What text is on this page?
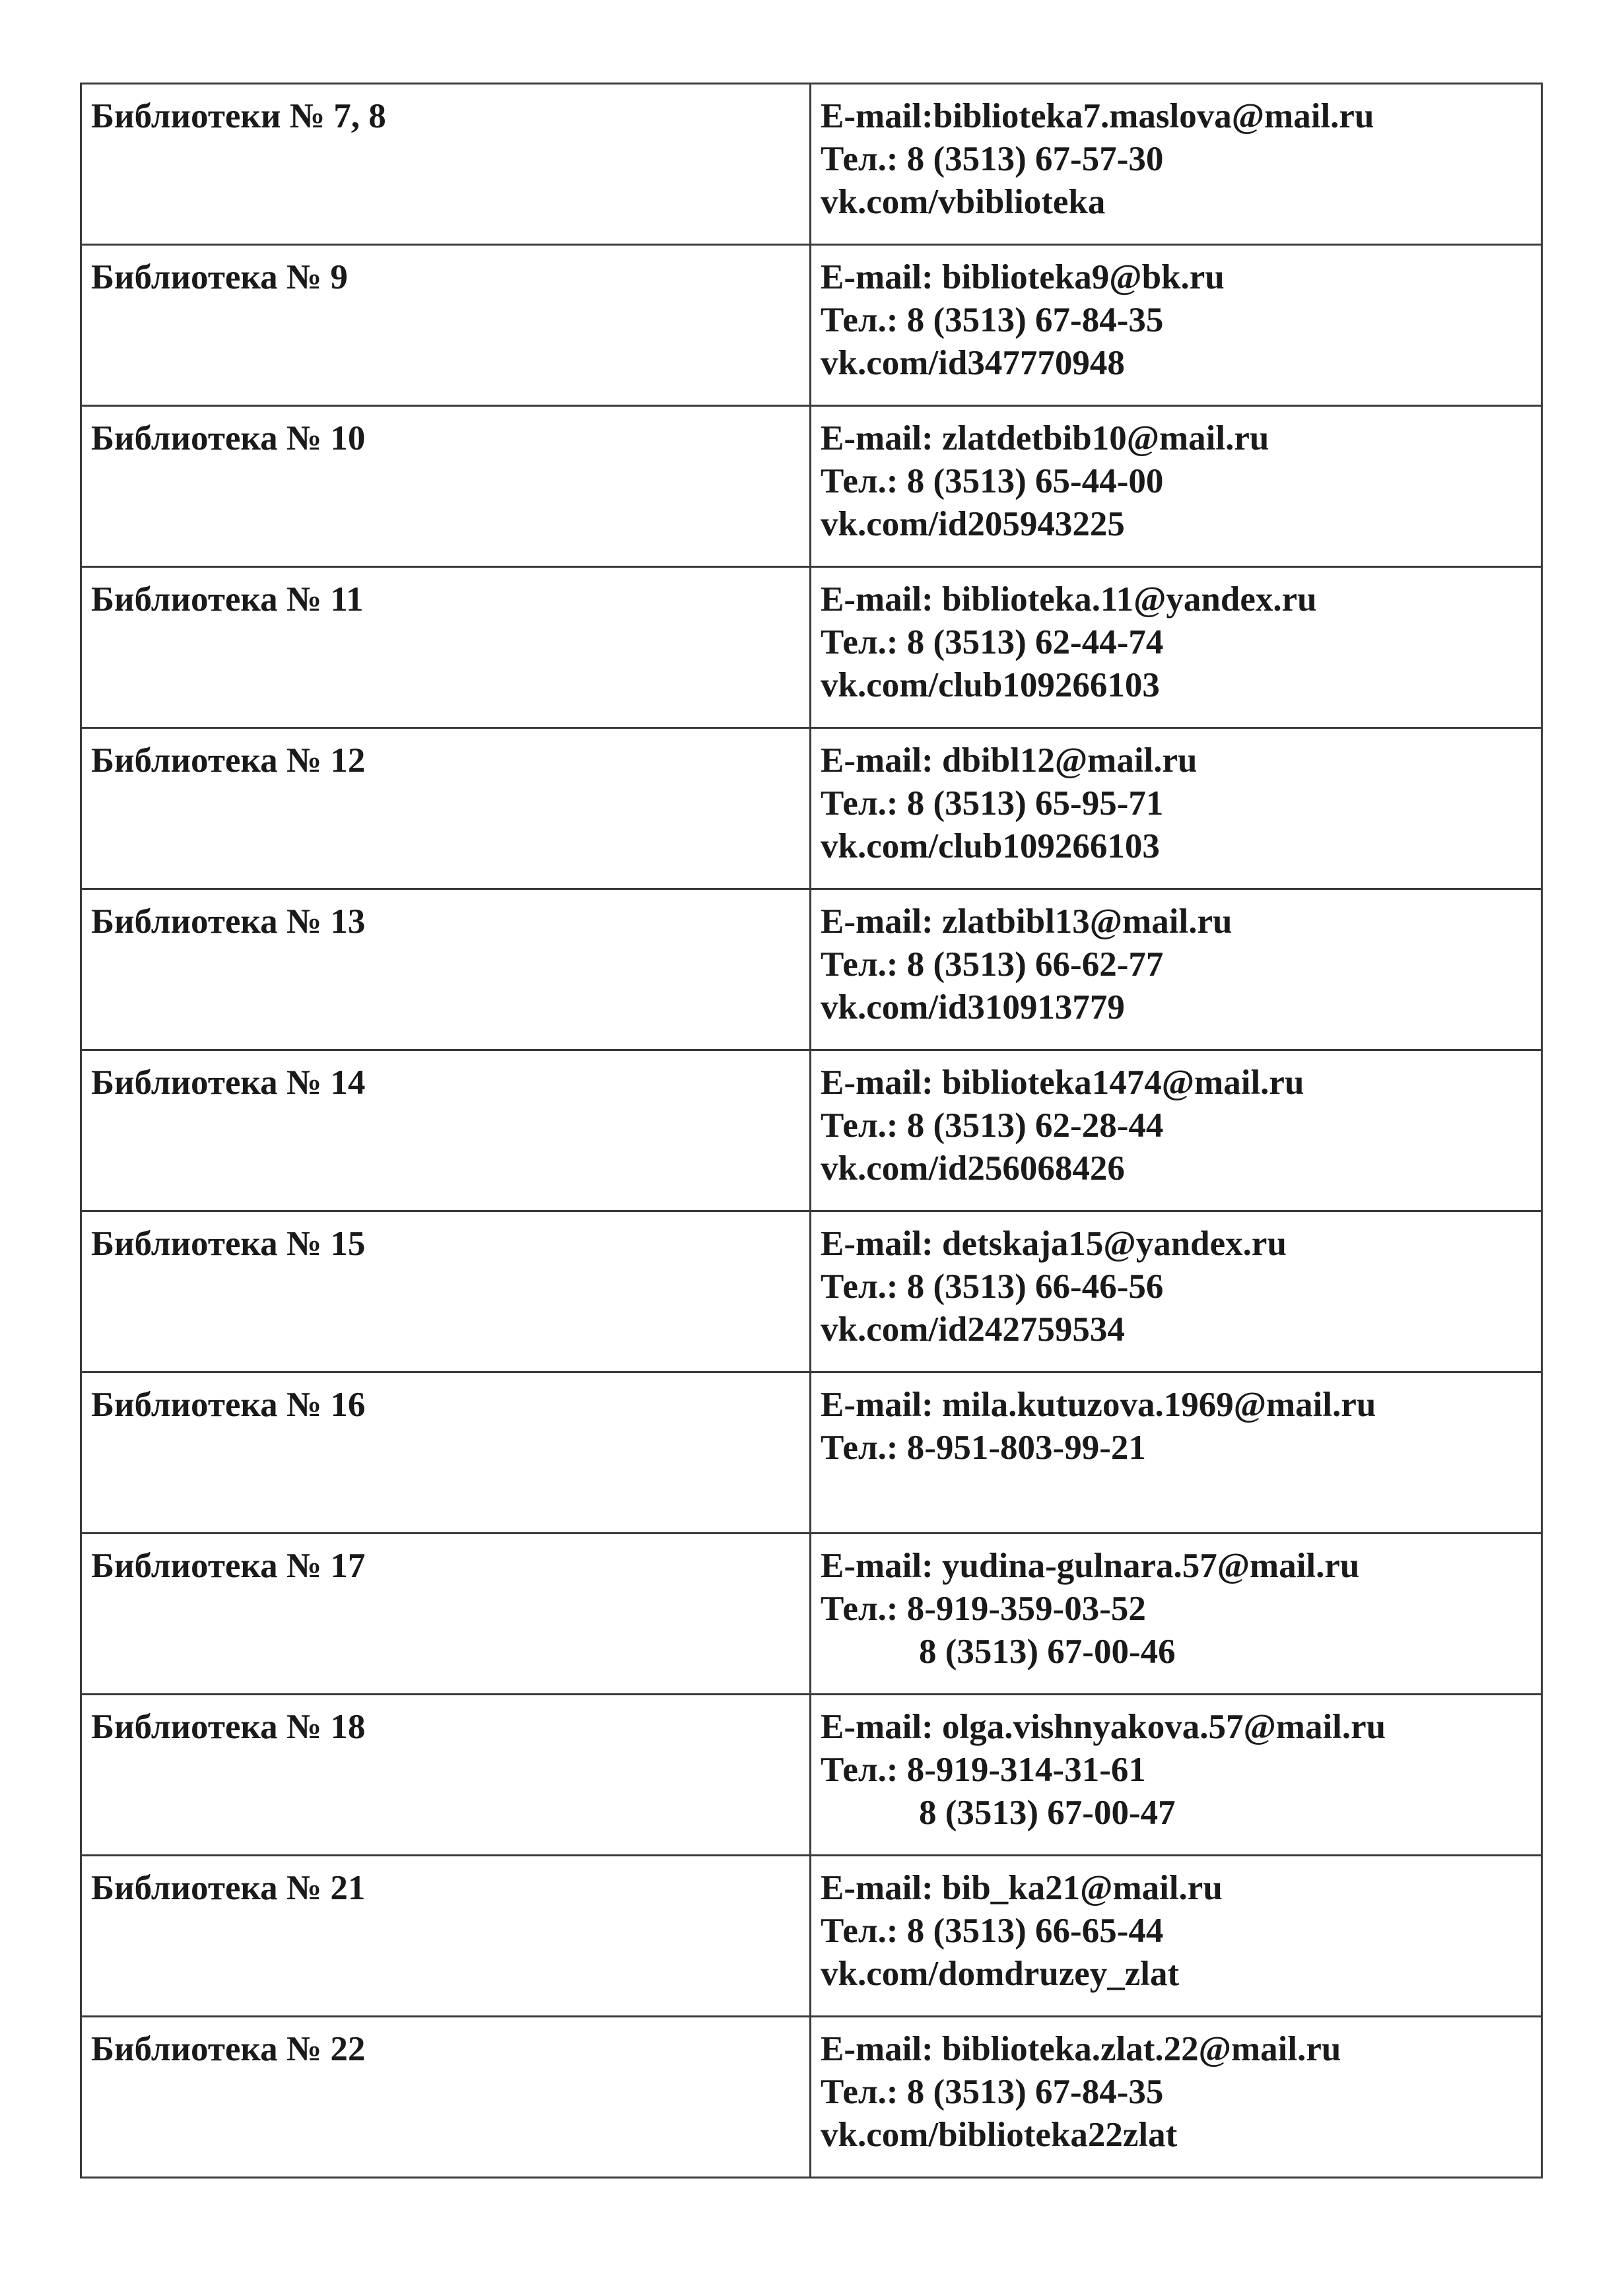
Библиотеки № 7, 8	E-mail:biblioteka7.maslova@mail.ru
Тел.: 8 (3513) 67-57-30
vk.com/vbiblioteka

Библиотека № 9	E-mail: biblioteka9@bk.ru
Тел.: 8 (3513) 67-84-35
vk.com/id347770948

Библиотека № 10	E-mail: zlatdetbib10@mail.ru
Тел.: 8 (3513) 65-44-00
vk.com/id205943225

Библиотека № 11	E-mail: biblioteka.11@yandex.ru
Тел.: 8 (3513) 62-44-74
vk.com/club109266103

Библиотека № 12	E-mail: dbibl12@mail.ru
Тел.: 8 (3513) 65-95-71
vk.com/club109266103

Библиотека № 13	E-mail: zlatbibl13@mail.ru
Тел.: 8 (3513) 66-62-77
vk.com/id310913779

Библиотека № 14	E-mail: biblioteka1474@mail.ru
Тел.: 8 (3513) 62-28-44
vk.com/id256068426

Библиотека № 15	E-mail: detskaja15@yandex.ru
Тел.: 8 (3513) 66-46-56
vk.com/id242759534

Библиотека № 16	E-mail: mila.kutuzova.1969@mail.ru
Тел.: 8-951-803-99-21

Библиотека № 17	E-mail: yudina-gulnara.57@mail.ru
Тел.: 8-919-359-03-52
8 (3513) 67-00-46

Библиотека № 18	E-mail: olga.vishnyakova.57@mail.ru
Тел.: 8-919-314-31-61
8 (3513) 67-00-47

Библиотека № 21	E-mail: bib_ka21@mail.ru
Тел.: 8 (3513) 66-65-44
vk.com/domdruzey_zlat

Библиотека № 22	E-mail: biblioteka.zlat.22@mail.ru
Тел.: 8 (3513) 67-84-35
vk.com/biblioteka22zlat
